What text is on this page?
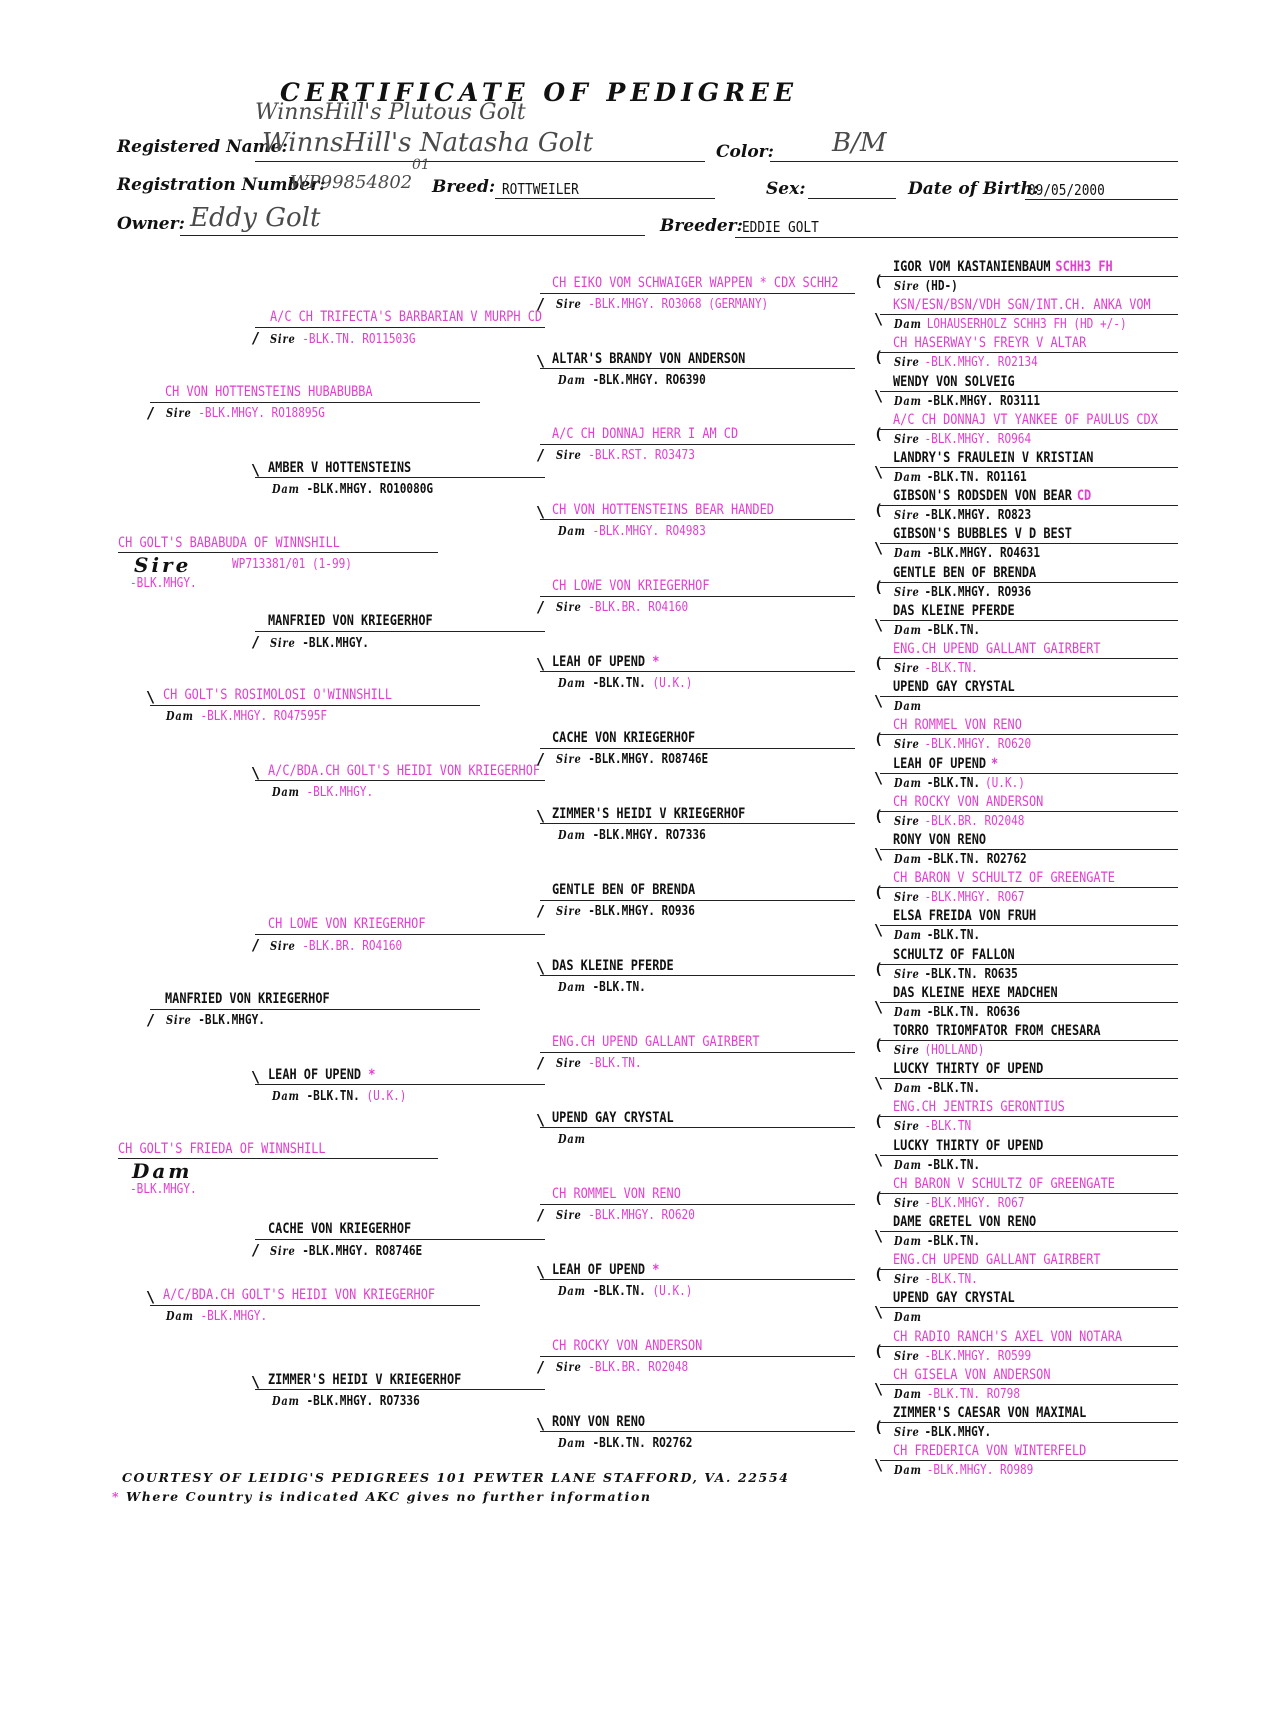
CERTIFICATE OF PEDIGREE
WinnsHill's Plutous Golt
Registered Name:
WinnsHill's Natasha Golt	Color: B/M
Registration Number:
WP99854802
01
Breed: ROTTWEILER	Sex:	Date of Birth:
09/05/2000
Owner: Eddy Golt	Breeder: EDDIE GOLT
CH GOLT'S BABABUDA OF WINNSHILL
Sire	WP713381/01 (1-99)
-BLK.MHGY.
CH GOLT'S FRIEDA OF WINNSHILL
Dam
-BLK.MHGY.
CH VON HOTTENSTEINS HUBABUBBA
/ Sire -BLK.MHGY. RO18895G
\ CH GOLT'S ROSIMOLOSI O'WINNSHILL
Dam -BLK.MHGY. RO47595F
MANFRIED VON KRIEGERHOF
/ Sire -BLK.MHGY.
\ A/C/BDA.CH GOLT'S HEIDI VON KRIEGERHOF
Dam -BLK.MHGY.
A/C CH TRIFECTA'S BARBARIAN V MURPH CD
/ Sire -BLK.TN. RO11503G
\ AMBER V HOTTENSTEINS
Dam -BLK.MHGY. RO10080G
MANFRIED VON KRIEGERHOF
/ Sire -BLK.MHGY.
\ A/C/BDA.CH GOLT'S HEIDI VON KRIEGERHOF
Dam -BLK.MHGY.
CH LOWE VON KRIEGERHOF
/ Sire -BLK.BR. RO4160
\ LEAH OF UPEND *
Dam -BLK.TN. (U.K.)
CACHE VON KRIEGERHOF
/ Sire -BLK.MHGY. RO8746E
\ ZIMMER'S HEIDI V KRIEGERHOF
Dam -BLK.MHGY. RO7336
CH EIKO VOM SCHWAIGER WAPPEN * CDX SCHH2
/ Sire -BLK.MHGY. RO3068 (GERMANY)
\ ALTAR'S BRANDY VON ANDERSON
Dam -BLK.MHGY. RO6390
A/C CH DONNAJ HERR I AM CD
/ Sire -BLK.RST. RO3473
\ CH VON HOTTENSTEINS BEAR HANDED
Dam -BLK.MHGY. RO4983
CH LOWE VON KRIEGERHOF
/ Sire -BLK.BR. RO4160
\ LEAH OF UPEND *
Dam -BLK.TN. (U.K.)
CACHE VON KRIEGERHOF
/ Sire -BLK.MHGY. RO8746E
\ ZIMMER'S HEIDI V KRIEGERHOF
Dam -BLK.MHGY. RO7336
GENTLE BEN OF BRENDA
/ Sire -BLK.MHGY. RO936
\ DAS KLEINE PFERDE
Dam -BLK.TN.
ENG.CH UPEND GALLANT GAIRBERT
/ Sire -BLK.TN.
\ UPEND GAY CRYSTAL
Dam
CH ROMMEL VON RENO
/ Sire -BLK.MHGY. RO620
\ LEAH OF UPEND *
Dam -BLK.TN. (U.K.)
CH ROCKY VON ANDERSON
/ Sire -BLK.BR. RO2048
\ RONY VON RENO
Dam -BLK.TN. RO2762
IGOR VOM KASTANIENBAUM SCHH3 FH
( Sire (HD-)
KSN/ESN/BSN/VDH SGN/INT.CH. ANKA VOM
\ Dam LOHAUSERHOLZ SCHH3 FH (HD +/-)
CH HASERWAY'S FREYR V ALTAR
( Sire -BLK.MHGY. RO2134
WENDY VON SOLVEIG
\ Dam -BLK.MHGY. RO3111
A/C CH DONNAJ VT YANKEE OF PAULUS CDX
( Sire -BLK.MHGY. RO964
LANDRY'S FRAULEIN V KRISTIAN
\ Dam -BLK.TN. RO1161
GIBSON'S RODSDEN VON BEAR CD
( Sire -BLK.MHGY. RO823
GIBSON'S BUBBLES V D BEST
\ Dam -BLK.MHGY. RO4631
GENTLE BEN OF BRENDA
( Sire -BLK.MHGY. RO936
DAS KLEINE PFERDE
\ Dam -BLK.TN.
ENG.CH UPEND GALLANT GAIRBERT
( Sire -BLK.TN.
UPEND GAY CRYSTAL
\ Dam
CH ROMMEL VON RENO
( Sire -BLK.MHGY. RO620
LEAH OF UPEND *
\ Dam -BLK.TN. (U.K.)
CH ROCKY VON ANDERSON
( Sire -BLK.BR. RO2048
RONY VON RENO
\ Dam -BLK.TN. RO2762
CH BARON V SCHULTZ OF GREENGATE
( Sire -BLK.MHGY. RO67
ELSA FREIDA VON FRUH
\ Dam -BLK.TN.
SCHULTZ OF FALLON
( Sire -BLK.TN. RO635
DAS KLEINE HEXE MADCHEN
\ Dam -BLK.TN. RO636
TORRO TRIOMFATOR FROM CHESARA
( Sire (HOLLAND)
LUCKY THIRTY OF UPEND
\ Dam -BLK.TN.
ENG.CH JENTRIS GERONTIUS
( Sire -BLK.TN
LUCKY THIRTY OF UPEND
\ Dam -BLK.TN.
CH BARON V SCHULTZ OF GREENGATE
( Sire -BLK.MHGY. RO67
DAME GRETEL VON RENO
\ Dam -BLK.TN.
ENG.CH UPEND GALLANT GAIRBERT
( Sire -BLK.TN.
UPEND GAY CRYSTAL
\ Dam
CH RADIO RANCH'S AXEL VON NOTARA
( Sire -BLK.MHGY. RO599
CH GISELA VON ANDERSON
\ Dam -BLK.TN. RO798
ZIMMER'S CAESAR VON MAXIMAL
( Sire -BLK.MHGY.
CH FREDERICA VON WINTERFELD
\ Dam -BLK.MHGY. RO989
COURTESY OF LEIDIG'S PEDIGREES 101 PEWTER LANE STAFFORD, VA. 22554
* Where Country is indicated AKC gives no further information
